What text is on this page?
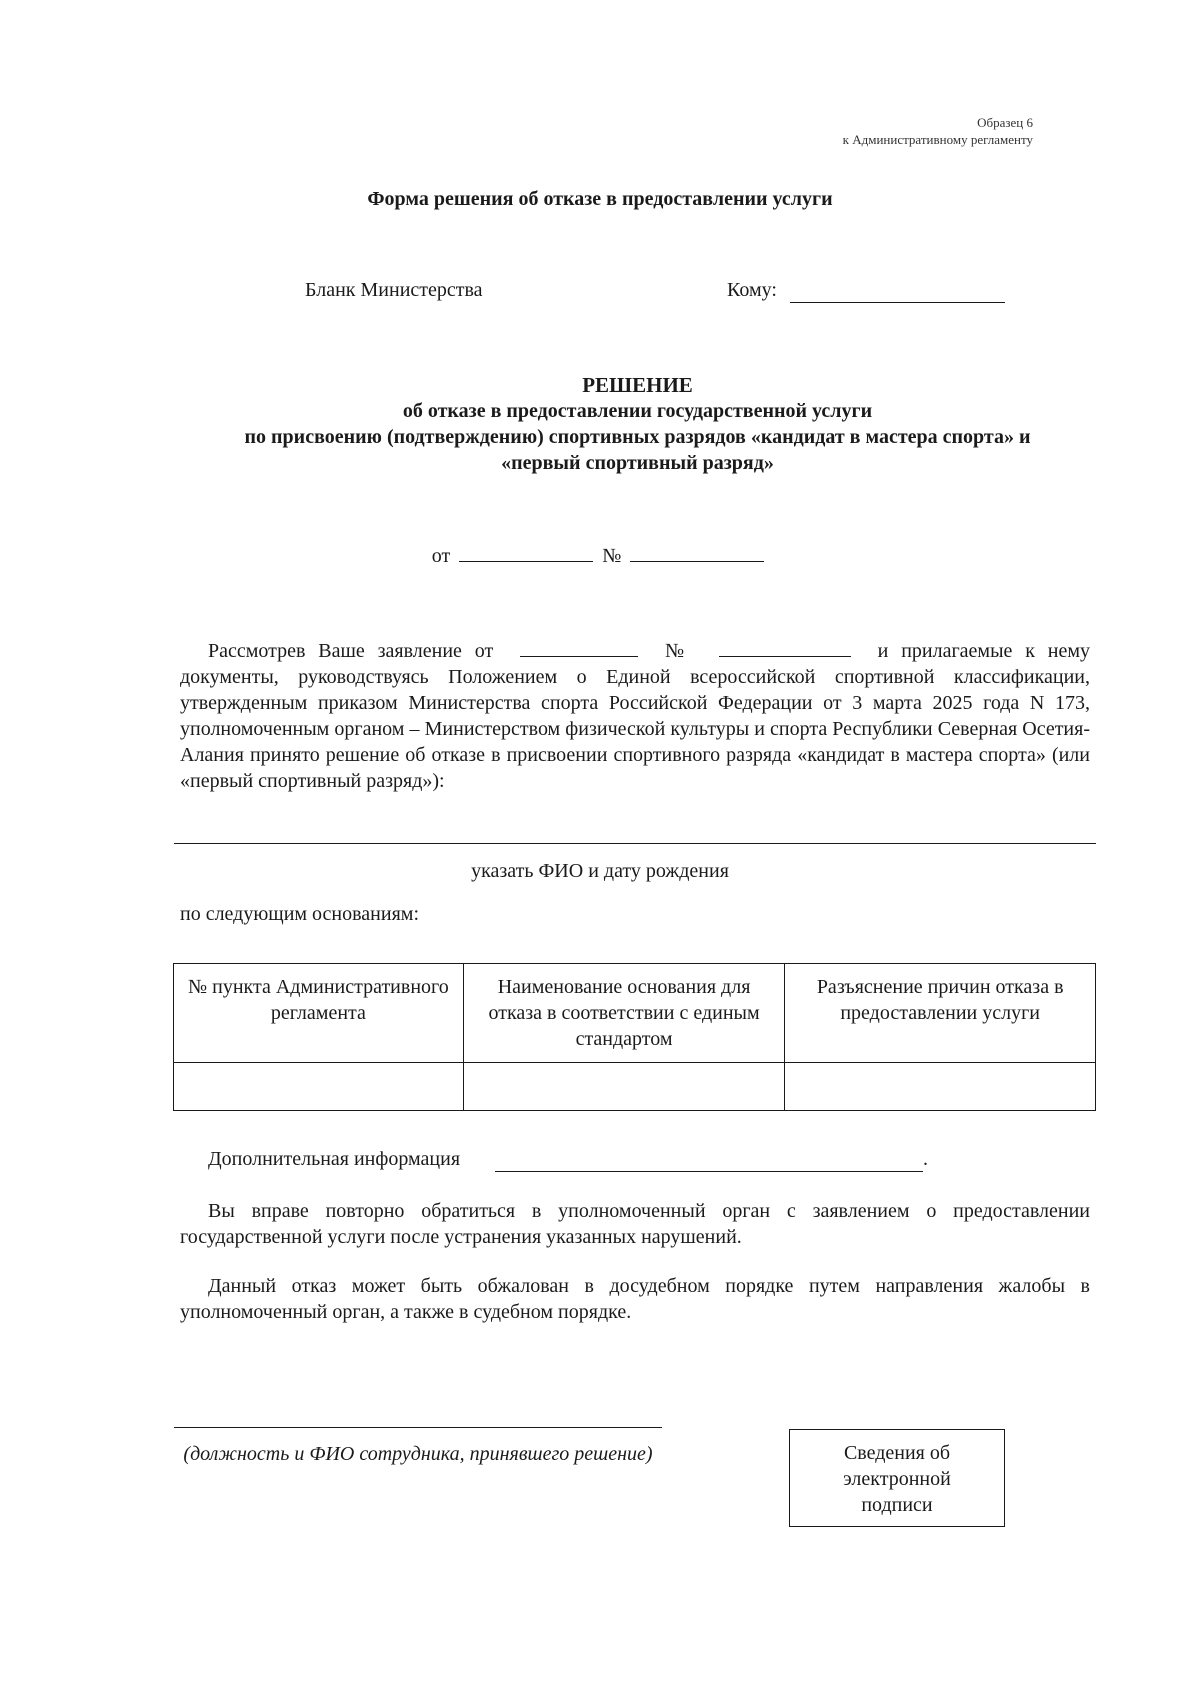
Образец 6
к Административному регламенту
Форма решения об отказе в предоставлении услуги
Бланк Министерства	Кому:
РЕШЕНИЕ
об отказе в предоставлении государственной услуги
по присвоению (подтверждению) спортивных разрядов «кандидат в мастера спорта» и
«первый спортивный разряд»
от	№
Рассмотрев Ваше заявление от	№	и прилагаемые к нему документы, руководствуясь Положением о Единой всероссийской спортивной классификации, утвержденным приказом Министерства спорта Российской Федерации от 3 марта 2025 года N 173, уполномоченным органом – Министерством физической культуры и спорта Республики Северная Осетия-Алания принято решение об отказе в присвоении спортивного разряда «кандидат в мастера спорта» (или «первый спортивный разряд»):
указать ФИО и дату рождения
по следующим основаниям:
№ пункта Административного регламента	Наименование основания для отказа в соответствии с единым стандартом	Разъяснение причин отказа в предоставлении услуги

Дополнительная информация	.
Вы вправе повторно обратиться в уполномоченный орган с заявлением о предоставлении государственной услуги после устранения указанных нарушений.
Данный отказ может быть обжалован в досудебном порядке путем направления жалобы в уполномоченный орган, а также в судебном порядке.
(должность и ФИО сотрудника, принявшего решение)	Сведения об
электронной
подписи
